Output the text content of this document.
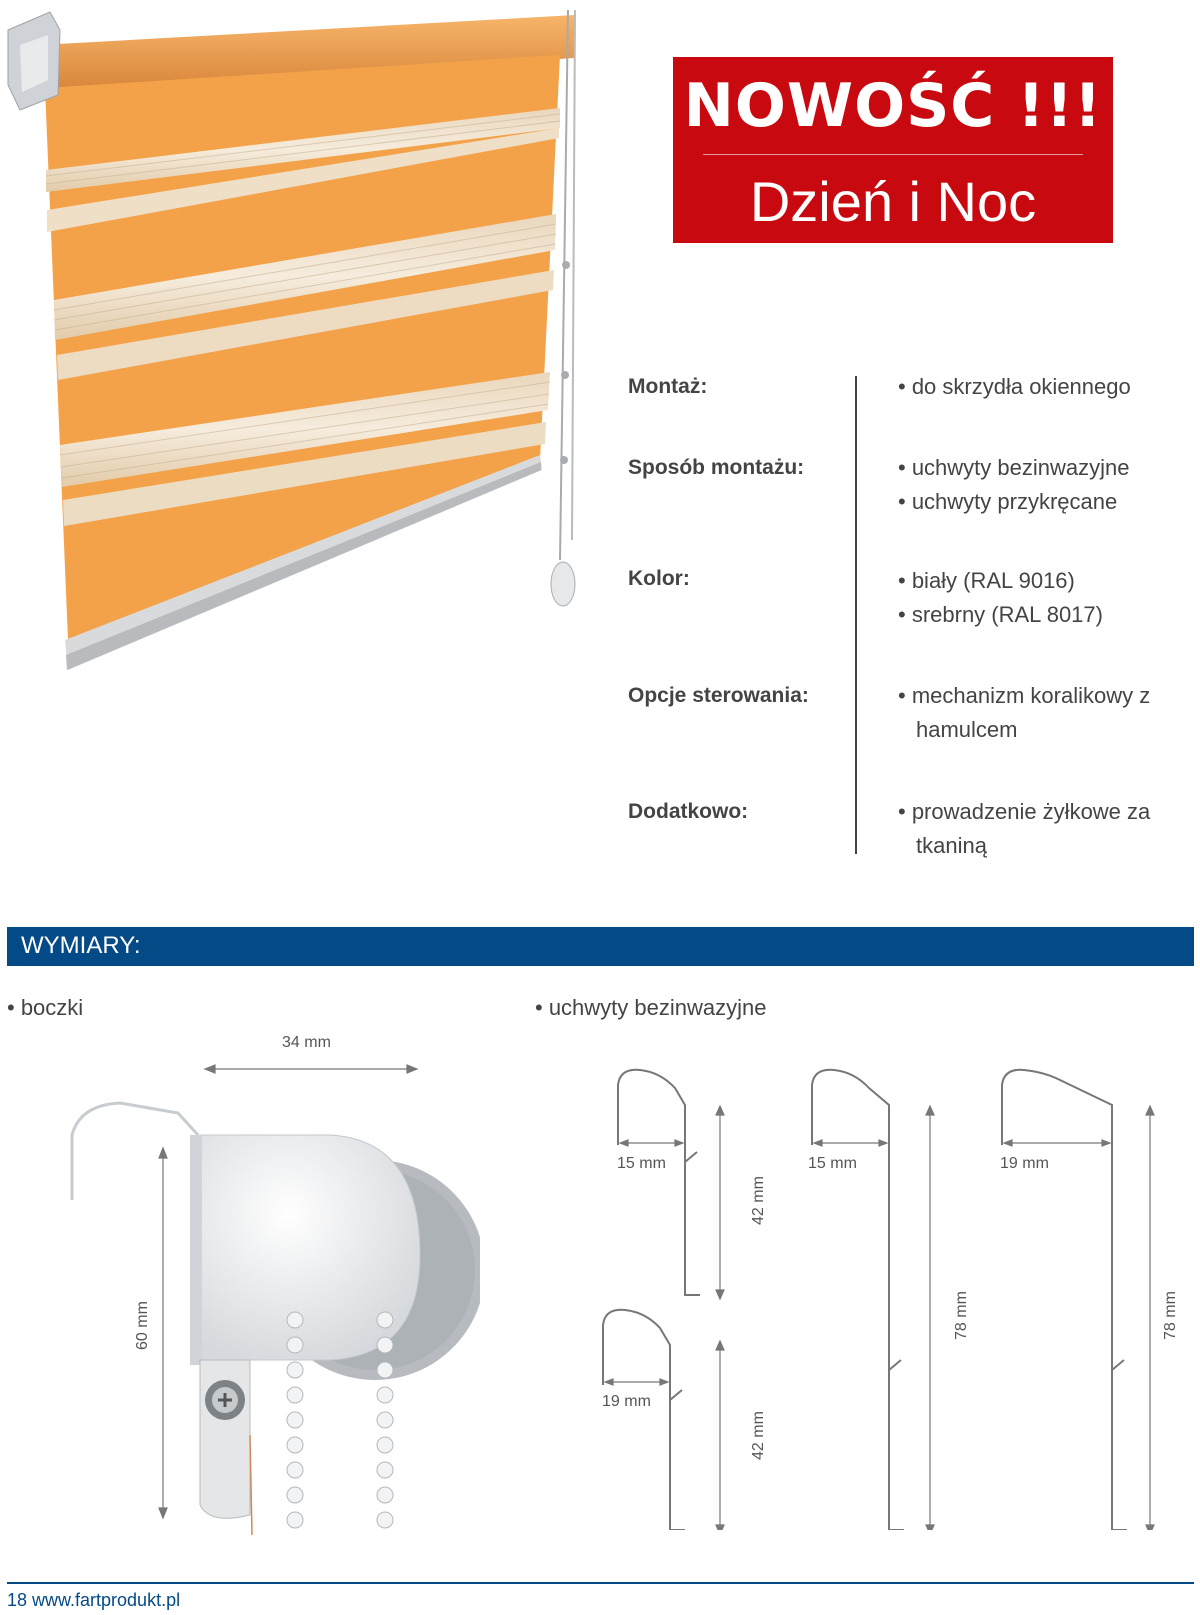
NOWOŚĆ !!!
Dzień i Noc
Montaż:	• do skrzydła okiennego
Sposób montażu:	• uchwyty bezinwazyjne
• uchwyty przykręcane
Kolor:	• biały (RAL 9016)
• srebrny (RAL 8017)
Opcje sterowania:	• mechanizm koralikowy z
hamulcem
Dodatkowo:	• prowadzenie żyłkowe za
tkaniną
WYMIARY:
• boczki	• uchwyty bezinwazyjne
34 mm
60 mm
15 mm
42 mm
15 mm
78 mm
19 mm
78 mm
19 mm
42 mm
18 www.fartprodukt.pl
